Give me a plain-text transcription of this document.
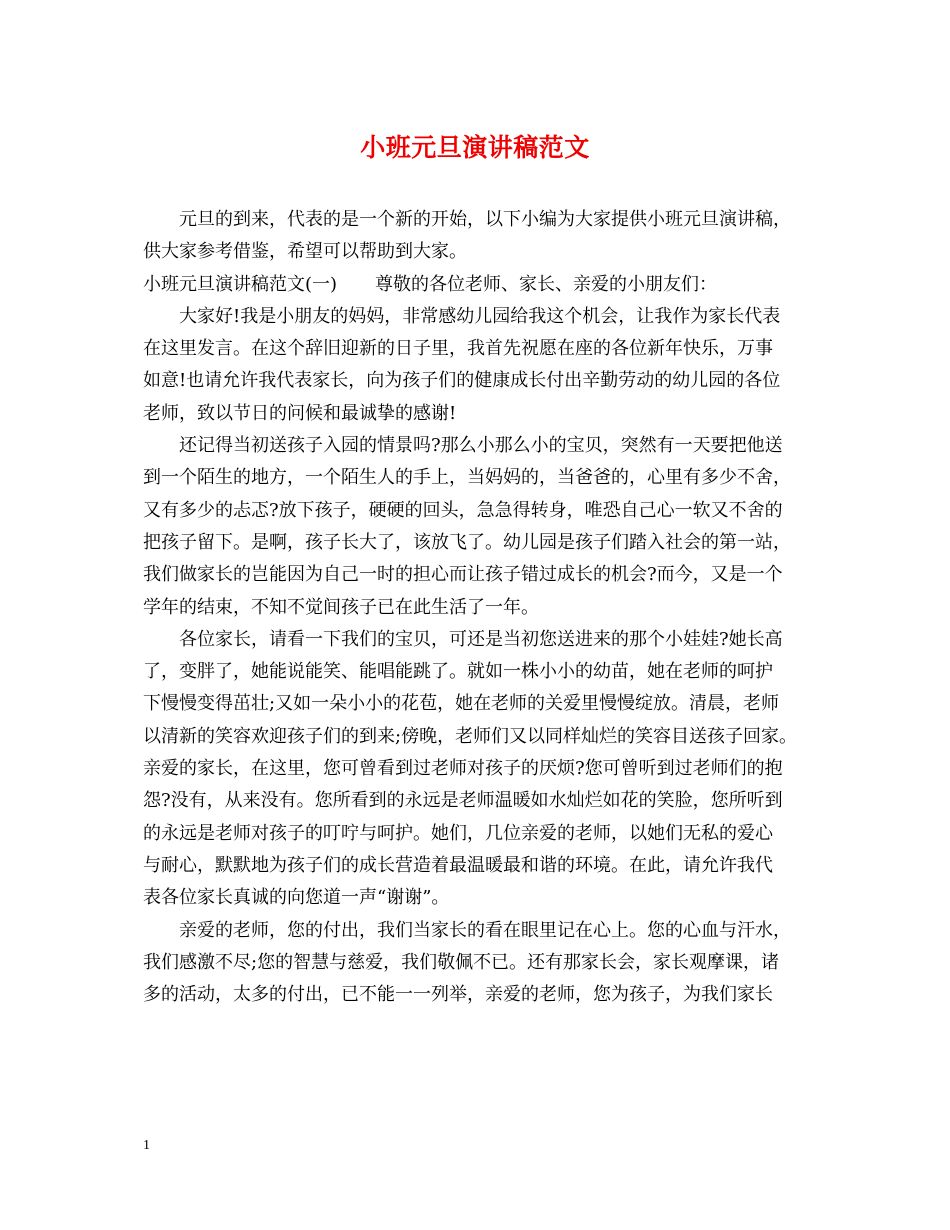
小班元旦演讲稿范文
元旦的到来，代表的是一个新的开始，以下小编为大家提供小班元旦演讲稿，
供大家参考借鉴，希望可以帮助到大家。
小班元旦演讲稿范文(一) 尊敬的各位老师、家长、亲爱的小朋友们：
大家好!我是小朋友的妈妈，非常感幼儿园给我这个机会，让我作为家长代表
在这里发言。在这个辞旧迎新的日子里，我首先祝愿在座的各位新年快乐，万事
如意!也请允许我代表家长，向为孩子们的健康成长付出辛勤劳动的幼儿园的各位
老师，致以节日的问候和最诚挚的感谢!
还记得当初送孩子入园的情景吗?那么小那么小的宝贝，突然有一天要把他送
到一个陌生的地方，一个陌生人的手上，当妈妈的，当爸爸的，心里有多少不舍，
又有多少的忐忑?放下孩子，硬硬的回头，急急得转身，唯恐自己心一软又不舍的
把孩子留下。是啊，孩子长大了，该放飞了。幼儿园是孩子们踏入社会的第一站，
我们做家长的岂能因为自己一时的担心而让孩子错过成长的机会?而今，又是一个
学年的结束，不知不觉间孩子已在此生活了一年。
各位家长，请看一下我们的宝贝，可还是当初您送进来的那个小娃娃?她长高
了，变胖了，她能说能笑、能唱能跳了。就如一株小小的幼苗，她在老师的呵护
下慢慢变得茁壮;又如一朵小小的花苞，她在老师的关爱里慢慢绽放。清晨，老师
以清新的笑容欢迎孩子们的到来;傍晚，老师们又以同样灿烂的笑容目送孩子回家。
亲爱的家长，在这里，您可曾看到过老师对孩子的厌烦?您可曾听到过老师们的抱
怨?没有，从来没有。您所看到的永远是老师温暖如水灿烂如花的笑脸，您所听到
的永远是老师对孩子的叮咛与呵护。她们，几位亲爱的老师，以她们无私的爱心
与耐心，默默地为孩子们的成长营造着最温暖最和谐的环境。在此，请允许我代
表各位家长真诚的向您道一声“谢谢”。
亲爱的老师，您的付出，我们当家长的看在眼里记在心上。您的心血与汗水，
我们感激不尽;您的智慧与慈爱，我们敬佩不已。还有那家长会，家长观摩课，诸
多的活动，太多的付出，已不能一一列举，亲爱的老师，您为孩子，为我们家长
1
